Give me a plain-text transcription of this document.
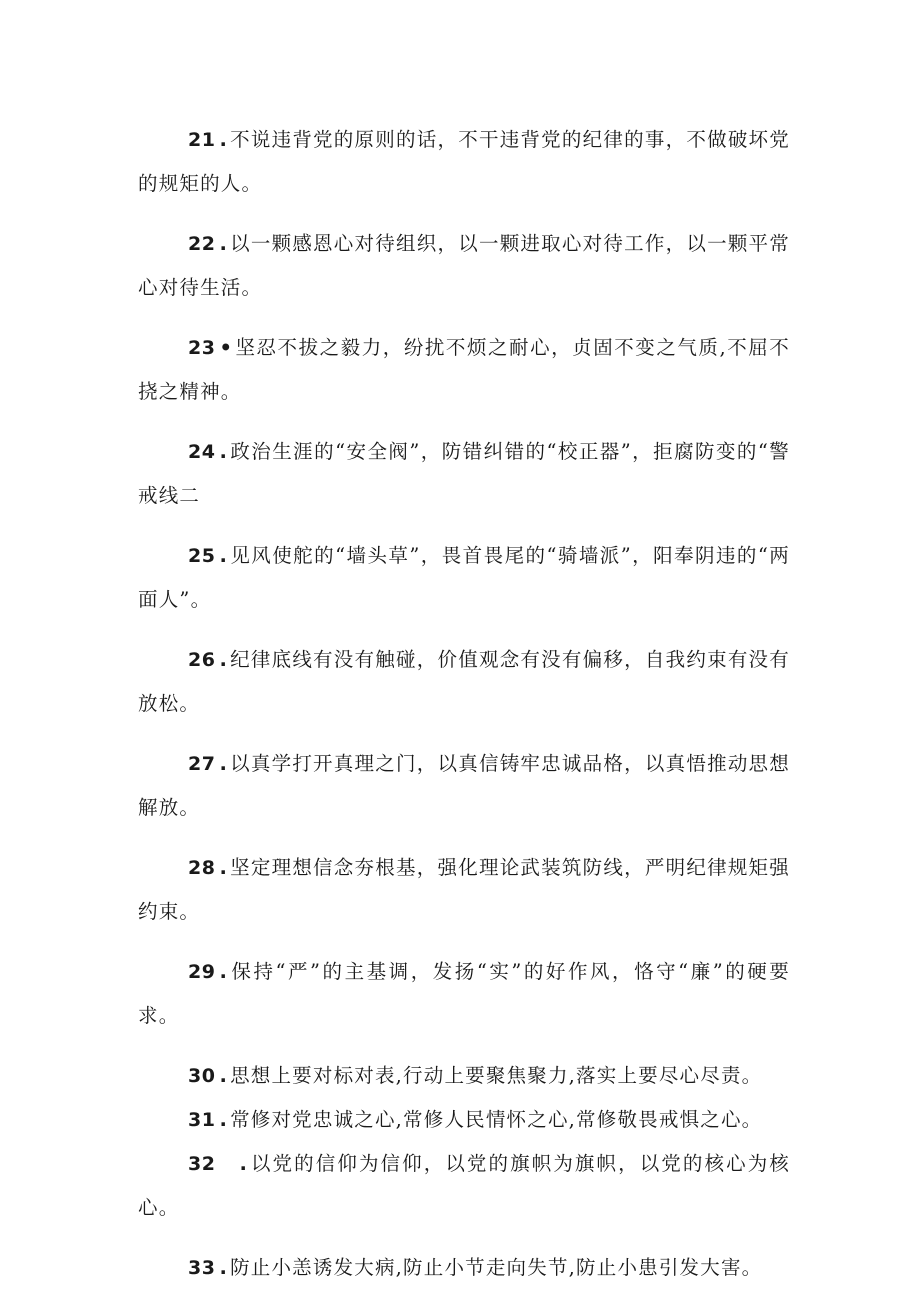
21 . 不说违背党的原则的话，不干违背党的纪律的事，不做破坏党的规矩的人。

22 . 以一颗感恩心对待组织，以一颗进取心对待工作，以一颗平常心对待生活。

23 • 坚忍不拔之毅力，纷扰不烦之耐心，贞固不变之气质,不屈不挠之精神。

24 . 政治生涯的“安全阀”，防错纠错的“校正器”，拒腐防变的“警戒线二

25 . 见风使舵的“墙头草”，畏首畏尾的“骑墙派”，阳奉阴违的“两面人”。

26 . 纪律底线有没有触碰，价值观念有没有偏移，自我约束有没有放松。

27 . 以真学打开真理之门，以真信铸牢忠诚品格，以真悟推动思想解放。

28 . 坚定理想信念夯根基，强化理论武装筑防线，严明纪律规矩强约束。

29 . 保持“严”的主基调，发扬“实”的好作风，恪守“廉”的硬要求。

30 . 思想上要对标对表,行动上要聚焦聚力,落实上要尽心尽责。

31 . 常修对党忠诚之心,常修人民情怀之心,常修敬畏戒惧之心。

32 . 以党的信仰为信仰，以党的旗帜为旗帜，以党的核心为核心。

33 . 防止小恙诱发大病,防止小节走向失节,防止小患引发大害。
